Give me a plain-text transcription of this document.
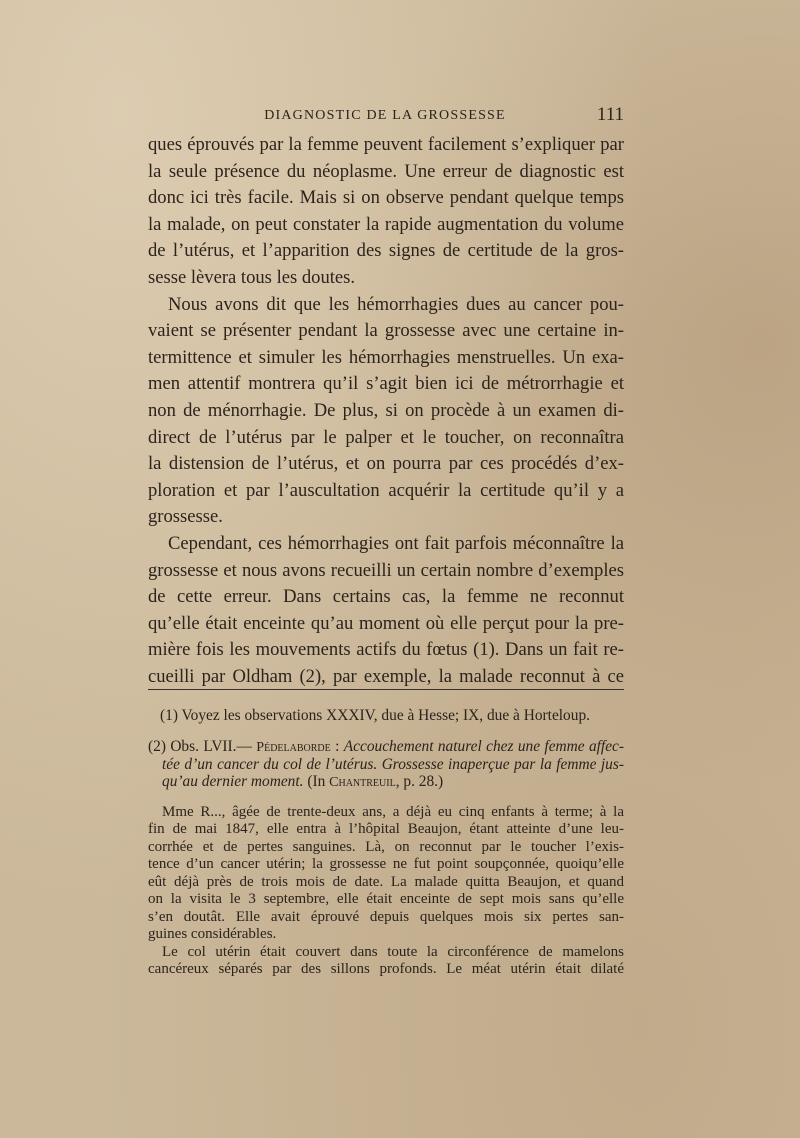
DIAGNOSTIC DE LA GROSSESSE	111
ques éprouvés par la femme peuvent facilement s’expliquer par
la seule présence du néoplasme. Une erreur de diagnostic est
donc ici très facile. Mais si on observe pendant quelque temps
la malade, on peut constater la rapide augmentation du volume
de l’utérus, et l’apparition des signes de certitude de la gros-
sesse lèvera tous les doutes.
Nous avons dit que les hémorrhagies dues au cancer pou-
vaient se présenter pendant la grossesse avec une certaine in-
termittence et simuler les hémorrhagies menstruelles. Un exa-
men attentif montrera qu’il s’agit bien ici de métrorrhagie et
non de ménorrhagie. De plus, si on procède à un examen di-
direct de l’utérus par le palper et le toucher, on reconnaîtra
la distension de l’utérus, et on pourra par ces procédés d’ex-
ploration et par l’auscultation acquérir la certitude qu’il y a
grossesse.
Cependant, ces hémorrhagies ont fait parfois méconnaître la
grossesse et nous avons recueilli un certain nombre d’exemples
de cette erreur. Dans certains cas, la femme ne reconnut
qu’elle était enceinte qu’au moment où elle perçut pour la pre-
mière fois les mouvements actifs du fœtus (1). Dans un fait re-
cueilli par Oldham (2), par exemple, la malade reconnut à ce
(1) Voyez les observations XXXIV, due à Hesse; IX, due à Horteloup.
(2) Obs. LVII.— Pédelaborde : Accouchement naturel chez une femme affec-
tée d’un cancer du col de l’utérus. Grossesse inaperçue par la femme jus-
qu’au dernier moment. (In Chantreuil, p. 28.)
Mme R..., âgée de trente-deux ans, a déjà eu cinq enfants à terme; à la
fin de mai 1847, elle entra à l’hôpital Beaujon, étant atteinte d’une leu-
corrhée et de pertes sanguines. Là, on reconnut par le toucher l’exis-
tence d’un cancer utérin; la grossesse ne fut point soupçonnée, quoiqu’elle
eût déjà près de trois mois de date. La malade quitta Beaujon, et quand
on la visita le 3 septembre, elle était enceinte de sept mois sans qu’elle
s’en doutât. Elle avait éprouvé depuis quelques mois six pertes san-
guines considérables.
Le col utérin était couvert dans toute la circonférence de mamelons
cancéreux séparés par des sillons profonds. Le méat utérin était dilaté
